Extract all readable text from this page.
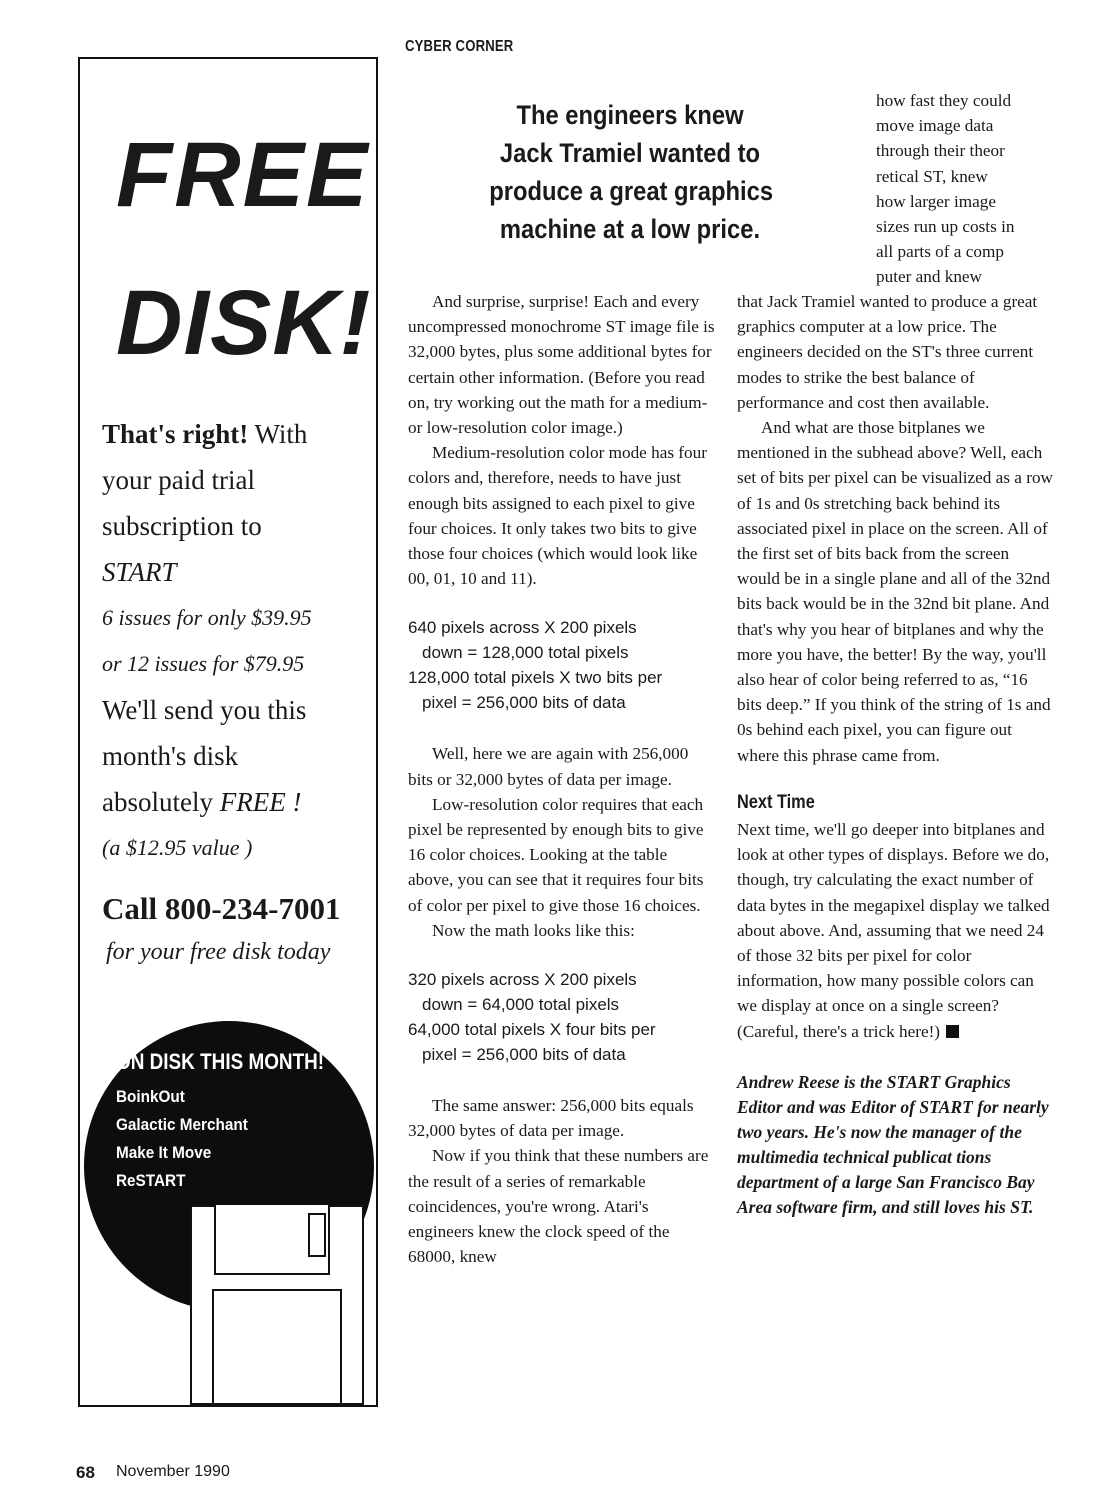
CYBER CORNER
FREE
DISK!
That's right! With
your paid trial
subscription to
START
6 issues for only $39.95
or 12 issues for $79.95
We'll send you this
month's disk
absolutely FREE !
(a $12.95 value )
Call 800-234-7001
for your free disk today
ON DISK THIS MONTH!
BoinkOut
Galactic Merchant
Make It Move
ReSTART
The engineers knew
Jack Tramiel wanted to
produce a great graphics
machine at a low price.

And surprise, surprise! Each and every uncompressed monochrome ST image file is 32,000 bytes, plus some additional bytes for certain other information. (Before you read on, try working out the math for a medium- or low-resolution color image.)

Medium-resolution color mode has four colors and, therefore, needs to have just enough bits assigned to each pixel to give four choices. It only takes two bits to give those four choices (which would look like 00, 01, 10 and 11).

640 pixels across X 200 pixels
down = 128,000 total pixels
128,000 total pixels X two bits per
pixel = 256,000 bits of data

Well, here we are again with 256,000 bits or 32,000 bytes of data per image.

Low-resolution color requires that each pixel be represented by enough bits to give 16 color choices. Looking at the table above, you can see that it requires four bits of color per pixel to give those 16 choices.

Now the math looks like this:

320 pixels across X 200 pixels
down = 64,000 total pixels
64,000 total pixels X four bits per
pixel = 256,000 bits of data

The same answer: 256,000 bits equals 32,000 bytes of data per image.

Now if you think that these numbers are the result of a series of remarkable coincidences, you're wrong. Atari's engineers knew the clock speed of the 68000, knew

how fast they could
move image data
through their theor
retical ST, knew
how larger image
sizes run up costs in
all parts of a comp
puter and knew

that Jack Tramiel wanted to produce a great graphics computer at a low price. The engineers decided on the ST's three current modes to strike the best balance of performance and cost then available.

And what are those bitplanes we mentioned in the subhead above? Well, each set of bits per pixel can be visualized as a row of 1s and 0s stretching back behind its associated pixel in place on the screen. All of the first set of bits back from the screen would be in a single plane and all of the 32nd bits back would be in the 32nd bit plane. And that's why you hear of bitplanes and why the more you have, the better! By the way, you'll also hear of color being referred to as, “16 bits deep.” If you think of the string of 1s and 0s behind each pixel, you can figure out where this phrase came from.

Next Time

Next time, we'll go deeper into bitplanes and look at other types of displays. Before we do, though, try calculating the exact number of data bytes in the megapixel display we talked about above. And, assuming that we need 24 of those 32 bits per pixel for color information, how many possible colors can we display at once on a single screen? (Careful, there's a trick here!)

Andrew Reese is the START Graphics Editor and was Editor of START for nearly two years. He's now the manager of the multimedia technical publicat tions department of a large San Francisco Bay Area software firm, and still loves his ST.

68 November 1990
